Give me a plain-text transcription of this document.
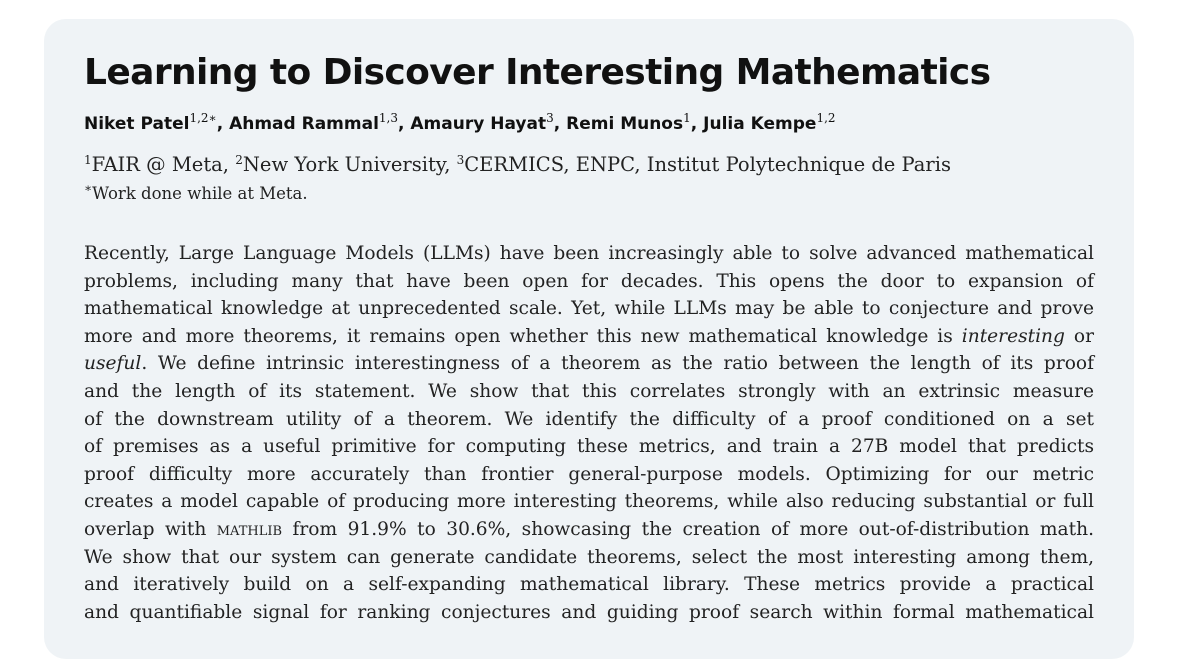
Learning to Discover Interesting Mathematics
Niket Patel$^{1,2∗}$, Ahmad Rammal$^{1,3}$, Amaury Hayat$^3$, Remi Munos$^1$, Julia Kempe$^{1,2}$
$^1$FAIR @ Meta, $^2$New York University, $^3$CERMICS, ENPC, Institut Polytechnique de Paris
∗Work done while at Meta.
Recently, Large Language Models (LLMs) have been increasingly able to solve advanced mathematical
problems, including many that have been open for decades. This opens the door to expansion of
mathematical knowledge at unprecedented scale. Yet, while LLMs may be able to conjecture and prove
more and more theorems, it remains open whether this new mathematical knowledge is interesting or
useful. We define intrinsic interestingness of a theorem as the ratio between the length of its proof
and the length of its statement. We show that this correlates strongly with an extrinsic measure
of the downstream utility of a theorem. We identify the difficulty of a proof conditioned on a set
of premises as a useful primitive for computing these metrics, and train a 27B model that predicts
proof difficulty more accurately than frontier general-purpose models. Optimizing for our metric
creates a model capable of producing more interesting theorems, while also reducing substantial or full
overlap with mathlib from 91.9% to 30.6%, showcasing the creation of more out-of-distribution math.
We show that our system can generate candidate theorems, select the most interesting among them,
and iteratively build on a self-expanding mathematical library. These metrics provide a practical
and quantifiable signal for ranking conjectures and guiding proof search within formal mathematical
